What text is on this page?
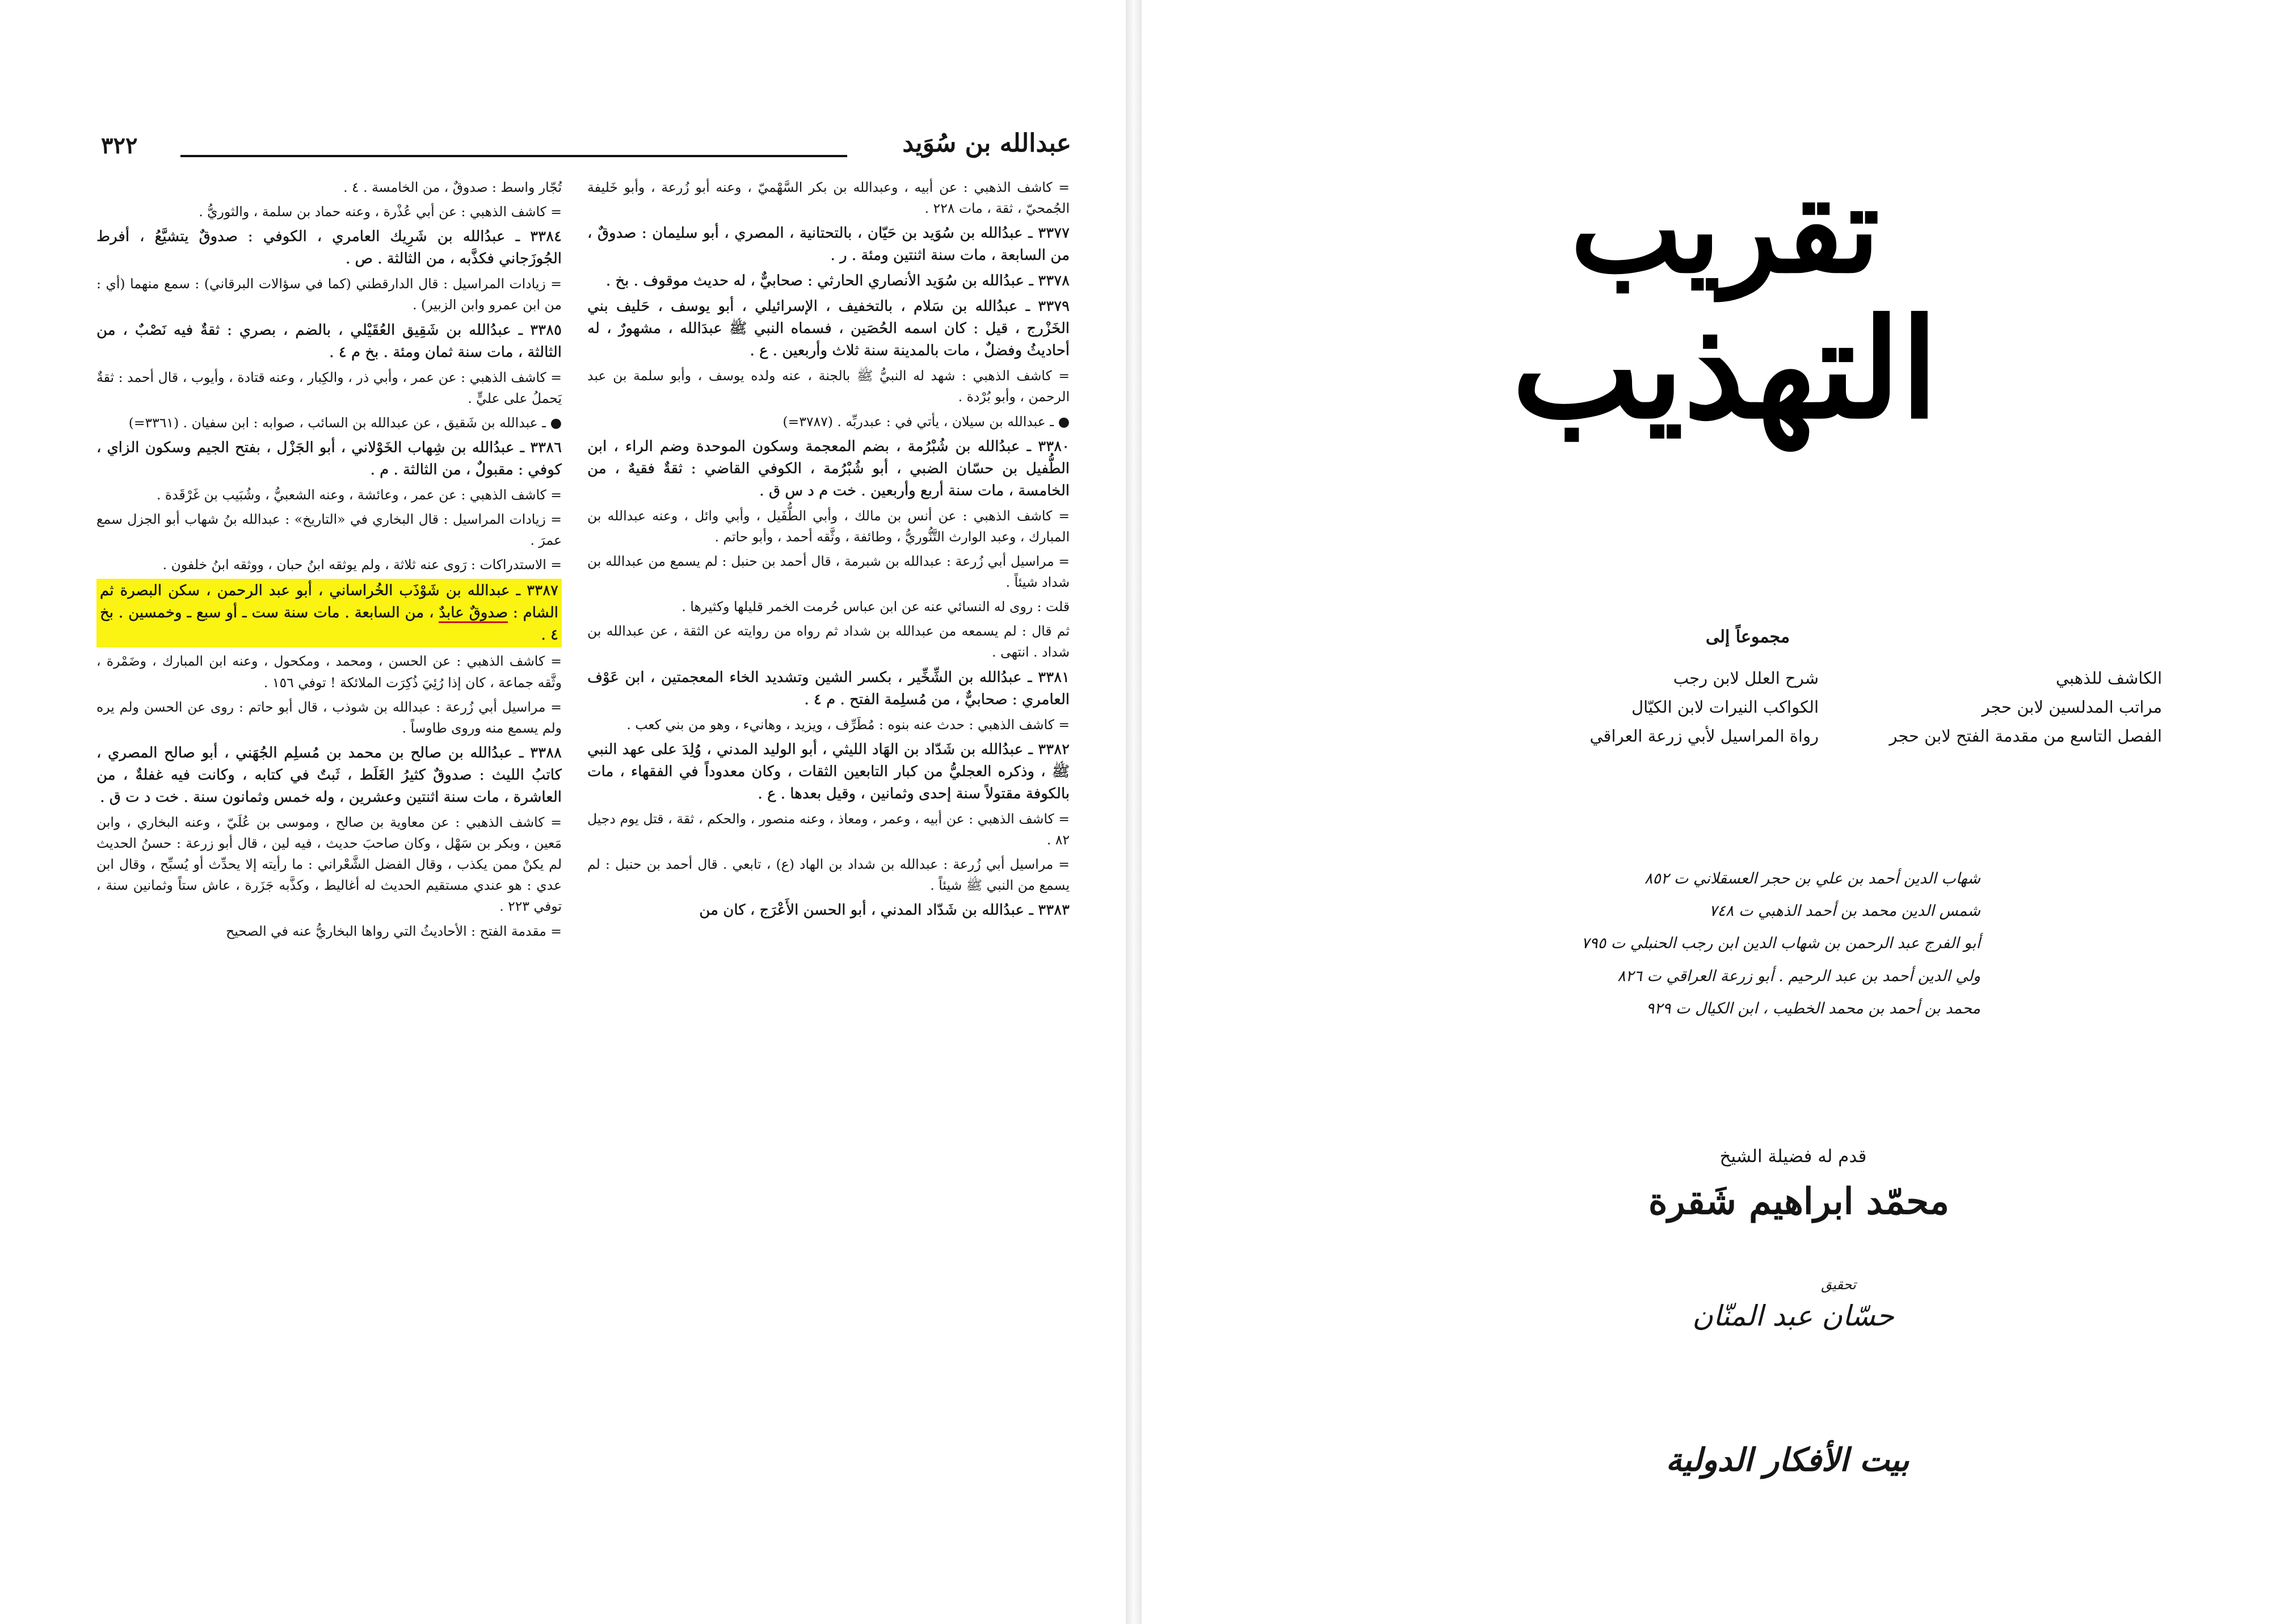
٣٢٢	عبدالله بن سُوَيد

= كاشف الذهبي : عن أبيه ، وعبدالله بن بكر السَّهْميّ ، وعنه أبو زُرعة ، وأبو خَليفة الجُمحيّ ، ثقة ، مات ٢٢٨ .

٣٣٧٧ ـ عبدُالله بن سُوَيد بن حَيّان ، بالتحتانية ، المصري ، أبو سليمان : صدوقٌ ، من السابعة ، مات سنة اثنتين ومئة . ر .

٣٣٧٨ ـ عبدُالله بن سُوَيد الأنصاري الحارثي : صحابيٌّ ، له حديث موقوف . بخ .

٣٣٧٩ ـ عبدُالله بن سَلام ، بالتخفيف ، الإسرائيلي ، أبو يوسف ، حَليف بني الخَزْرج ، قيل : كان اسمه الحُصَين ، فسماه النبي ﷺ عبدَالله ، مشهورٌ ، له أحاديثُ وفضلٌ ، مات بالمدينة سنة ثلاث وأربعين . ع .

= كاشف الذهبي : شهد له النبيُّ ﷺ بالجنة ، عنه ولده يوسف ، وأبو سلمة بن عبد الرحمن ، وأبو بُرْدة .

● ـ عبدالله بن سيلان ، يأتي في : عبدربِّه . (٣٧٨٧=)

٣٣٨٠ ـ عبدُالله بن شُبْرُمة ، بضم المعجمة وسكون الموحدة وضم الراء ، ابن الطُّفيل بن حسّان الضبي ، أبو شُبْرُمة ، الكوفي القاضي : ثقةٌ فقيهٌ ، من الخامسة ، مات سنة أربع وأربعين . خت م د س ق .

= كاشف الذهبي : عن أنس بن مالك ، وأبي الطُّفَيل ، وأبي وائل ، وعنه عبدالله بن المبارك ، وعبد الوارث التَّنُّوريُّ ، وطائفة ، وثَّقه أحمد ، وأبو حاتم .

= مراسيل أبي زُرعة : عبدالله بن شبرمة ، قال أحمد بن حنبل : لم يسمع من عبدالله بن شداد شيئاً .

قلت : روى له النسائي عنه عن ابن عباس حُرمت الخمر قليلها وكثيرها .

ثم قال : لم يسمعه من عبدالله بن شداد ثم رواه من روايته عن الثقة ، عن عبدالله بن شداد . انتهى .

٣٣٨١ ـ عبدُالله بن الشِّخِّير ، بكسر الشين وتشديد الخاء المعجمتين ، ابن عَوْف العامري : صحابيٌّ ، من مُسلِمة الفتح . م ٤ .

= كاشف الذهبي : حدث عنه بنوه : مُطَرِّف ، ويزيد ، وهانيء ، وهو من بني كعب .

٣٣٨٢ ـ عبدُالله بن شَدّاد بن الهَاد الليثي ، أبو الوليد المدني ، وُلِدَ على عهد النبي ﷺ ، وذكره العجليُّ من كبار التابعين الثقات ، وكان معدوداً في الفقهاء ، مات بالكوفة مقتولاً سنة إحدى وثمانين ، وقيل بعدها . ع .

= كاشف الذهبي : عن أبيه ، وعمر ، ومعاذ ، وعنه منصور ، والحكم ، ثقة ، قتل يوم دجيل ٨٢ .

= مراسيل أبي زُرعة : عبدالله بن شداد بن الهاد (ع) ، تابعي . قال أحمد بن حنبل : لم يسمع من النبي ﷺ شيئاً .

٣٣٨٣ ـ عبدُالله بن شَدّاد المدني ، أبو الحسن الأَعْرَج ، كان من

تُجّار واسط : صدوقٌ ، من الخامسة . ٤ .

= كاشف الذهبي : عن أبي عُذْرة ، وعنه حماد بن سلمة ، والثوريُّ .

٣٣٨٤ ـ عبدُالله بن شَرِيك العامري ، الكوفي : صدوقٌ يتشيَّعُ ، أفرط الجُوزَجاني فكذَّبه ، من الثالثة . ص .

= زيادات المراسيل : قال الدارقطني (كما في سؤالات البرقاني) : سمع منهما (أي : من ابن عمرو وابن الزبير) .

٣٣٨٥ ـ عبدُالله بن شَقِيق العُقَيْلي ، بالضم ، بصري : ثقةٌ فيه نَصْبٌ ، من الثالثة ، مات سنة ثمان ومئة . بخ م ٤ .

= كاشف الذهبي : عن عمر ، وأبي ذر ، والكِبار ، وعنه قتادة ، وأيوب ، قال أحمد : ثقةٌ يَحملُ على عليٍّ .

● ـ عبدالله بن شَقيق ، عن عبدالله بن السائب ، صوابه : ابن سفيان . (٣٣٦١=)

٣٣٨٦ ـ عبدُالله بن شِهاب الخَوْلاني ، أبو الجَزْل ، بفتح الجيم وسكون الزاي ، كوفي : مقبولٌ ، من الثالثة . م .

= كاشف الذهبي : عن عمر ، وعائشة ، وعنه الشعبيُّ ، وشُبَيب بن غَرْقَدة .

= زيادات المراسيل : قال البخاري في «التاريخ» : عبدالله بنُ شهاب أبو الجزل سمع عمرَ .

= الاستدراكات : رَوى عنه ثلاثة ، ولم يوثقه ابنُ حبان ، ووثقه ابنُ خلفون .

٣٣٨٧ ـ عبدالله بن شَوْذَب الخُراساني ، أبو عبد الرحمن ، سكن البصرة ثم الشام : صدوقٌ عابدٌ ، من السابعة . مات سنة ست ـ أو سبع ـ وخمسين . بخ ٤ .

= كاشف الذهبي : عن الحسن ، ومحمد ، ومكحول ، وعنه ابن المبارك ، وضَمْرة ، وثَّقه جماعة ، كان إذا رُئِيَ ذُكِرَت الملائكة ! توفي ١٥٦ .

= مراسيل أبي زُرعة : عبدالله بن شوذب ، قال أبو حاتم : روى عن الحسن ولم يره ولم يسمع منه وروى طاوساً .

٣٣٨٨ ـ عبدُالله بن صالح بن محمد بن مُسلِم الجُهَني ، أبو صالح المصري ، كاتبُ الليث : صدوقٌ كثيرُ الغَلَط ، ثَبتٌ في كتابه ، وكانت فيه غفلةٌ ، من العاشرة ، مات سنة اثنتين وعشرين ، وله خمس وثمانون سنة . خت د ت ق .

= كاشف الذهبي : عن معاوية بن صالح ، وموسى بن عُلَيّ ، وعنه البخاري ، وابن مَعين ، وبكر بن سَهْل ، وكان صاحبَ حديث ، فيه لين ، قال أبو زرعة : حسنُ الحديث لم يكنْ ممن يكذب ، وقال الفضل الشَّعْراني : ما رأيته إلا يحدِّث أو يُسبِّح ، وقال ابن عدي : هو عندي مستقيم الحديث له أغاليط ، وكذَّبه جَزَرة ، عاش ستاً وثمانين سنة ، توفي ٢٢٣ .

= مقدمة الفتح : الأحاديثُ التي رواها البخاريُّ عنه في الصحيح

تقريب
التهذيب
مجموعاً إلى
الكاشف للذهبي
مراتب المدلسين لابن حجر
الفصل التاسع من مقدمة الفتح لابن حجر
شرح العلل لابن رجب
الكواكب النيرات لابن الكيّال
رواة المراسيل لأبي زرعة العراقي
شهاب الدين أحمد بن علي بن حجر العسقلاني ت ٨٥٢
شمس الدين محمد بن أحمد الذهبي ت ٧٤٨
أبو الفرج عبد الرحمن بن شهاب الدين ابن رجب الحنبلي ت ٧٩٥
ولي الدين أحمد بن عبد الرحيم . أبو زرعة العراقي ت ٨٢٦
محمد بن أحمد بن محمد الخطيب ، ابن الكيال ت ٩٢٩
قدم له فضيلة الشيخ
محمّد ابراهيم شَقرة
تحقيق
حسّان عبد المنّان
بيت الأفكار الدولية
